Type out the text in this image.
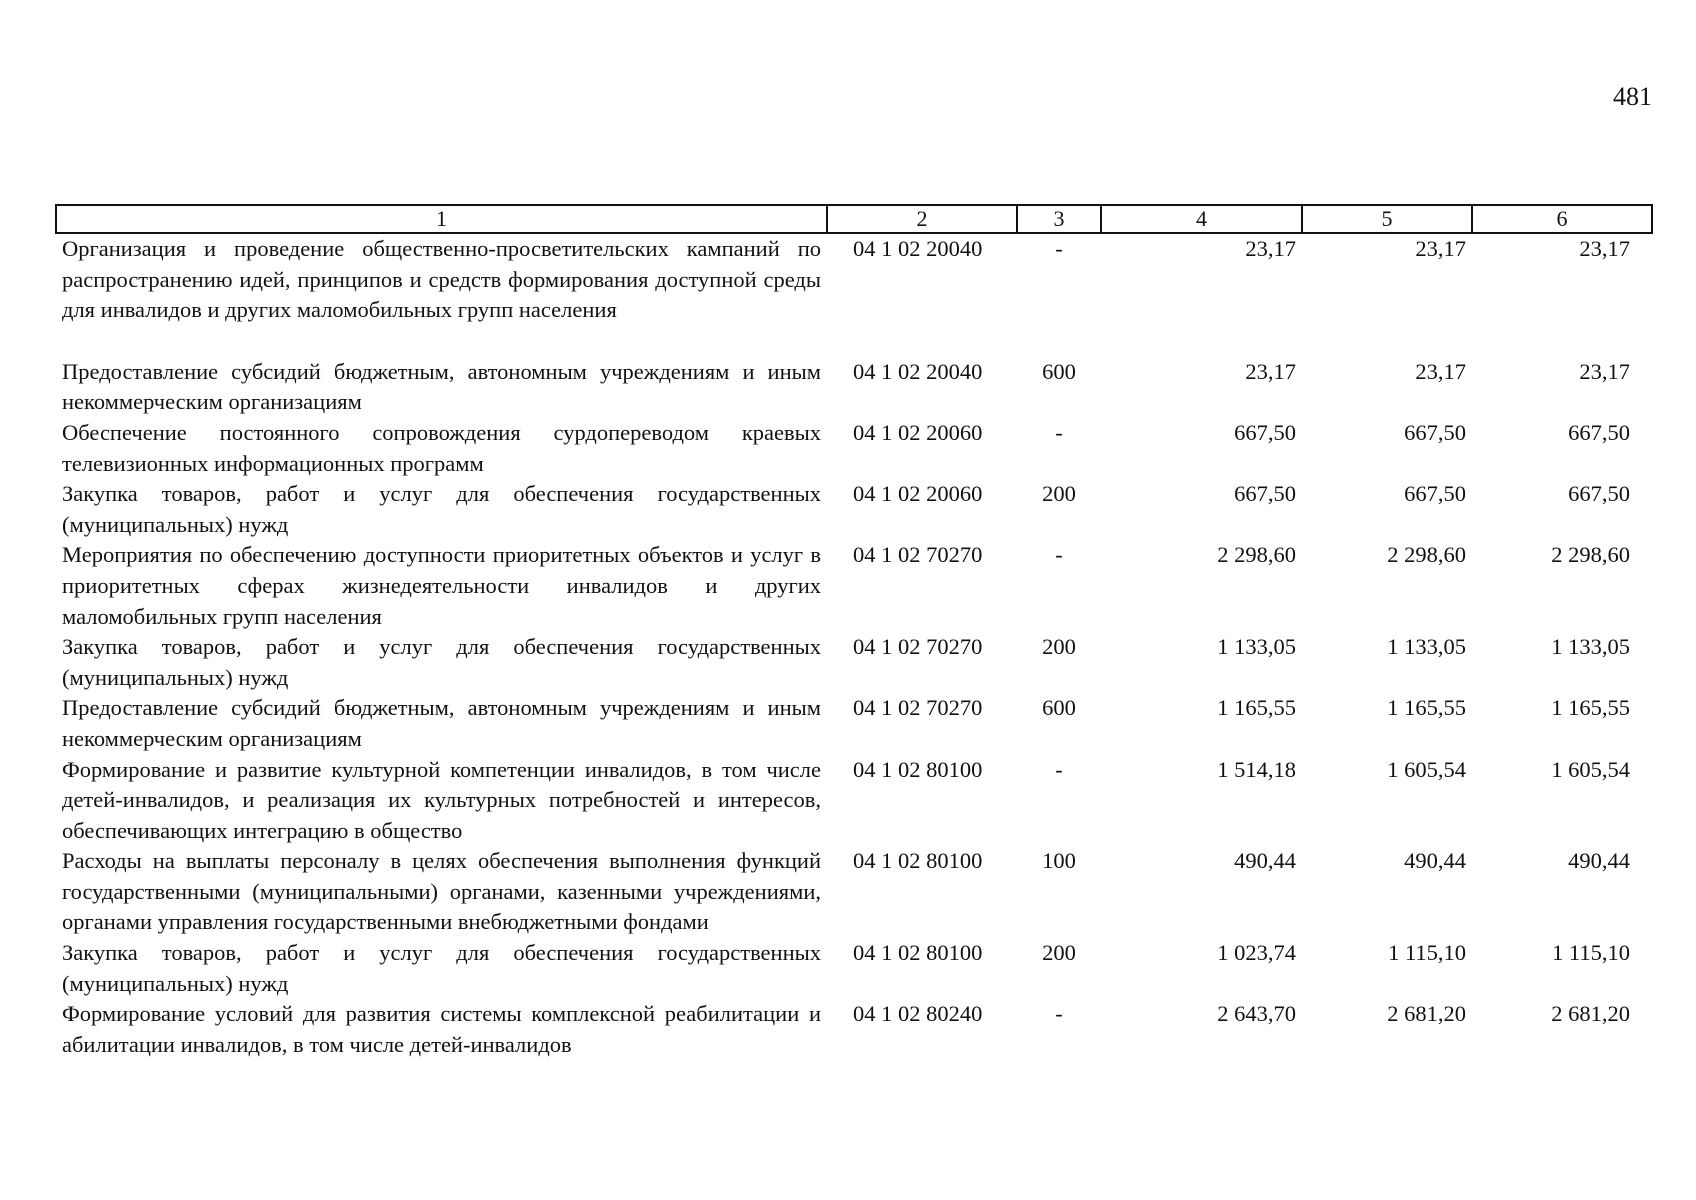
481
1	2	3	4	5	6
Организация и проведение общественно-просветительских кампаний по распространению идей, принципов и средств формирования доступной среды для инвалидов и других маломобильных групп населения	04 1 02 20040	-	23,17	23,17	23,17
Предоставление субсидий бюджетным, автономным учреждениям и иным некоммерческим организациям	04 1 02 20040	600	23,17	23,17	23,17
Обеспечение постоянного сопровождения сурдопереводом краевых телевизионных информационных программ	04 1 02 20060	-	667,50	667,50	667,50
Закупка товаров, работ и услуг для обеспечения государственных (муниципальных) нужд	04 1 02 20060	200	667,50	667,50	667,50
Мероприятия по обеспечению доступности приоритетных объектов и услуг в приоритетных сферах жизнедеятельности инвалидов и других маломобильных групп населения	04 1 02 70270	-	2 298,60	2 298,60	2 298,60
Закупка товаров, работ и услуг для обеспечения государственных (муниципальных) нужд	04 1 02 70270	200	1 133,05	1 133,05	1 133,05
Предоставление субсидий бюджетным, автономным учреждениям и иным некоммерческим организациям	04 1 02 70270	600	1 165,55	1 165,55	1 165,55
Формирование и развитие культурной компетенции инвалидов, в том числе детей-инвалидов, и реализация их культурных потребностей и интересов, обеспечивающих интеграцию в общество	04 1 02 80100	-	1 514,18	1 605,54	1 605,54
Расходы на выплаты персоналу в целях обеспечения выполнения функций государственными (муниципальными) органами, казенными учреждениями, органами управления государственными внебюджетными фондами	04 1 02 80100	100	490,44	490,44	490,44
Закупка товаров, работ и услуг для обеспечения государственных (муниципальных) нужд	04 1 02 80100	200	1 023,74	1 115,10	1 115,10
Формирование условий для развития системы комплексной реабилитации и абилитации инвалидов, в том числе детей-инвалидов	04 1 02 80240	-	2 643,70	2 681,20	2 681,20
